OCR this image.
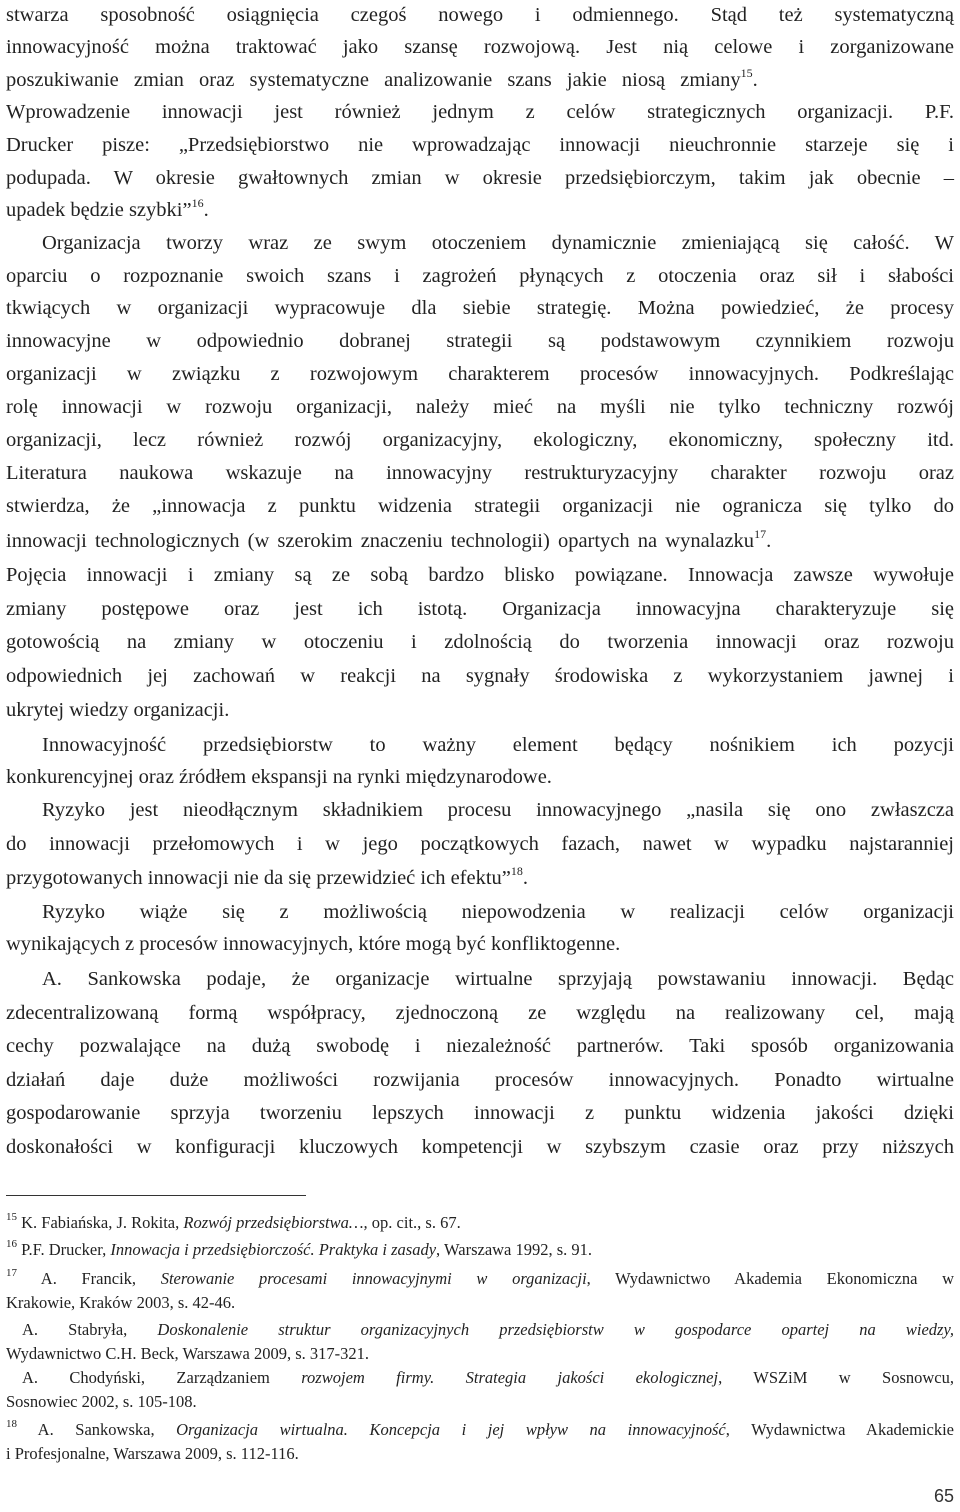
stwarza sposobność osiągnięcia czegoś nowego i odmiennego. Stąd też systematyczną
innowacyjność można traktować jako szansę rozwojową. Jest nią celowe i zorganizowane
poszukiwanie zmian oraz systematyczne analizowanie szans jakie niosą zmiany$^{15}$.
Wprowadzenie innowacji jest również jednym z celów strategicznych organizacji. P.F.
Drucker pisze: „Przedsiębiorstwo nie wprowadzając innowacji nieuchronnie starzeje się i
podupada. W okresie gwałtownych zmian w okresie przedsiębiorczym, takim jak obecnie –
upadek będzie szybki”$^{16}$.
Organizacja tworzy wraz ze swym otoczeniem dynamicznie zmieniającą się całość. W
oparciu o rozpoznanie swoich szans i zagrożeń płynących z otoczenia oraz sił i słabości
tkwiących w organizacji wypracowuje dla siebie strategię. Można powiedzieć, że procesy
innowacyjne w odpowiednio dobranej strategii są podstawowym czynnikiem rozwoju
organizacji w związku z rozwojowym charakterem procesów innowacyjnych. Podkreślając
rolę innowacji w rozwoju organizacji, należy mieć na myśli nie tylko techniczny rozwój
organizacji, lecz również rozwój organizacyjny, ekologiczny, ekonomiczny, społeczny itd.
Literatura naukowa wskazuje na innowacyjny restrukturyzacyjny charakter rozwoju oraz
stwierdza, że „innowacja z punktu widzenia strategii organizacji nie ogranicza się tylko do
innowacji technologicznych (w szerokim znaczeniu technologii) opartych na wynalazku$^{17}$.
Pojęcia innowacji i zmiany są ze sobą bardzo blisko powiązane. Innowacja zawsze wywołuje
zmiany postępowe oraz jest ich istotą. Organizacja innowacyjna charakteryzuje się
gotowością na zmiany w otoczeniu i zdolnością do tworzenia innowacji oraz rozwoju
odpowiednich jej zachowań w reakcji na sygnały środowiska z wykorzystaniem jawnej i
ukrytej wiedzy organizacji.
Innowacyjność przedsiębiorstw to ważny element będący nośnikiem ich pozycji
konkurencyjnej oraz źródłem ekspansji na rynki międzynarodowe.
Ryzyko jest nieodłącznym składnikiem procesu innowacyjnego „nasila się ono zwłaszcza
do innowacji przełomowych i w jego początkowych fazach, nawet w wypadku najstaranniej
przygotowanych innowacji nie da się przewidzieć ich efektu”$^{18}$.
Ryzyko wiąże się z możliwością niepowodzenia w realizacji celów organizacji
wynikających z procesów innowacyjnych, które mogą być konfliktogenne.
A. Sankowska podaje, że organizacje wirtualne sprzyjają powstawaniu innowacji. Będąc
zdecentralizowaną formą współpracy, zjednoczoną ze względu na realizowany cel, mają
cechy pozwalające na dużą swobodę i niezależność partnerów. Taki sposób organizowania
działań daje duże możliwości rozwijania procesów innowacyjnych. Ponadto wirtualne
gospodarowanie sprzyja tworzeniu lepszych innowacji z punktu widzenia jakości dzięki
doskonałości w konfiguracji kluczowych kompetencji w szybszym czasie oraz przy niższych
$^{15}$ K. Fabiańska, J. Rokita, Rozwój przedsiębiorstwa…, op. cit., s. 67.
$^{16}$ P.F. Drucker, Innowacja i przedsiębiorczość. Praktyka i zasady, Warszawa 1992, s. 91.
$^{17}$ A. Francik, Sterowanie procesami innowacyjnymi w organizacji, Wydawnictwo Akademia Ekonomiczna w
Krakowie, Kraków 2003, s. 42-46.
A. Stabryła, Doskonalenie struktur organizacyjnych przedsiębiorstw w gospodarce opartej na wiedzy,
Wydawnictwo C.H. Beck, Warszawa 2009, s. 317-321.
A. Chodyński, Zarządzaniem rozwojem firmy. Strategia jakości ekologicznej, WSZiM w Sosnowcu,
Sosnowiec 2002, s. 105-108.
$^{18}$ A. Sankowska, Organizacja wirtualna. Koncepcja i jej wpływ na innowacyjność, Wydawnictwa Akademickie
i Profesjonalne, Warszawa 2009, s. 112-116.
65
